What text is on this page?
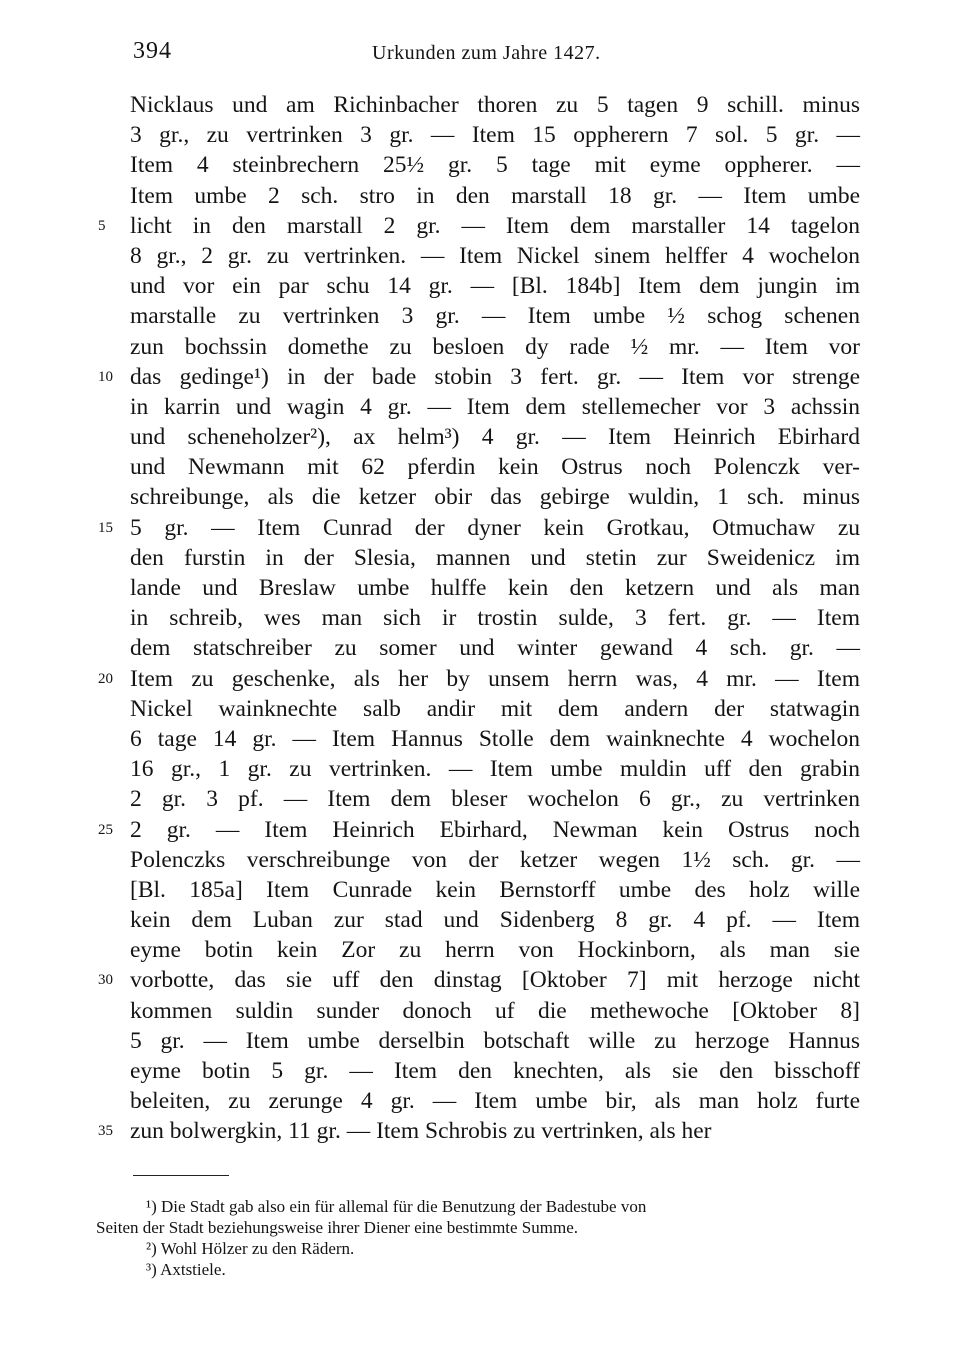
394	Urkunden zum Jahre 1427.
Nicklaus und am Richinbacher thoren zu 5 tagen 9 schill. minus
3 gr., zu vertrinken 3 gr. — Item 15 oppherern 7 sol. 5 gr. —
Item 4 steinbrechern 25½ gr. 5 tage mit eyme oppherer. —
Item umbe 2 sch. stro in den marstall 18 gr. — Item umbe
5	licht in den marstall 2 gr. — Item dem marstaller 14 tagelon
8 gr., 2 gr. zu vertrinken. — Item Nickel sinem helffer 4 wochelon
und vor ein par schu 14 gr. — [Bl. 184b] Item dem jungin im
marstalle zu vertrinken 3 gr. — Item umbe ½ schog schenen
zun bochssin domethe zu besloen dy rade ½ mr. — Item vor
10 das gedinge¹) in der bade stobin 3 fert. gr. — Item vor strenge
in karrin und wagin 4 gr. — Item dem stellemecher vor 3 achssin
und scheneholzer²), ax helm³) 4 gr. — Item Heinrich Ebirhard
und Newmann mit 62 pferdin kein Ostrus noch Polenczk ver-
schreibunge, als die ketzer obir das gebirge wuldin, 1 sch. minus
15 5 gr. — Item Cunrad der dyner kein Grotkau, Otmuchaw zu
den furstin in der Slesia, mannen und stetin zur Sweidenicz im
lande und Breslaw umbe hulffe kein den ketzern und als man
in schreib, wes man sich ir trostin sulde, 3 fert. gr. — Item
dem statschreiber zu somer und winter gewand 4 sch. gr. —
20 Item zu geschenke, als her by unsem herrn was, 4 mr. — Item
Nickel wainknechte salb andir mit dem andern der statwagin
6 tage 14 gr. — Item Hannus Stolle dem wainknechte 4 wochelon
16 gr., 1 gr. zu vertrinken. — Item umbe muldin uff den grabin
2 gr. 3 pf. — Item dem bleser wochelon 6 gr., zu vertrinken
25 2 gr. — Item Heinrich Ebirhard, Newman kein Ostrus noch
Polenczks verschreibunge von der ketzer wegen 1½ sch. gr. —
[Bl. 185a] Item Cunrade kein Bernstorff umbe des holz wille
kein dem Luban zur stad und Sidenberg 8 gr. 4 pf. — Item
eyme botin kein Zor zu herrn von Hockinborn, als man sie
30 vorbotte, das sie uff den dinstag [Oktober 7] mit herzoge nicht
kommen suldin sunder donoch uf die methewoche [Oktober 8]
5 gr. — Item umbe derselbin botschaft wille zu herzoge Hannus
eyme botin 5 gr. — Item den knechten, als sie den bisschoff
beleiten, zu zerunge 4 gr. — Item umbe bir, als man holz furte
35 zun bolwergkin, 11 gr. — Item Schrobis zu vertrinken, als her
¹) Die Stadt gab also ein für allemal für die Benutzung der Badestube von
Seiten der Stadt beziehungsweise ihrer Diener eine bestimmte Summe.
²) Wohl Hölzer zu den Rädern.
³) Axtstiele.
